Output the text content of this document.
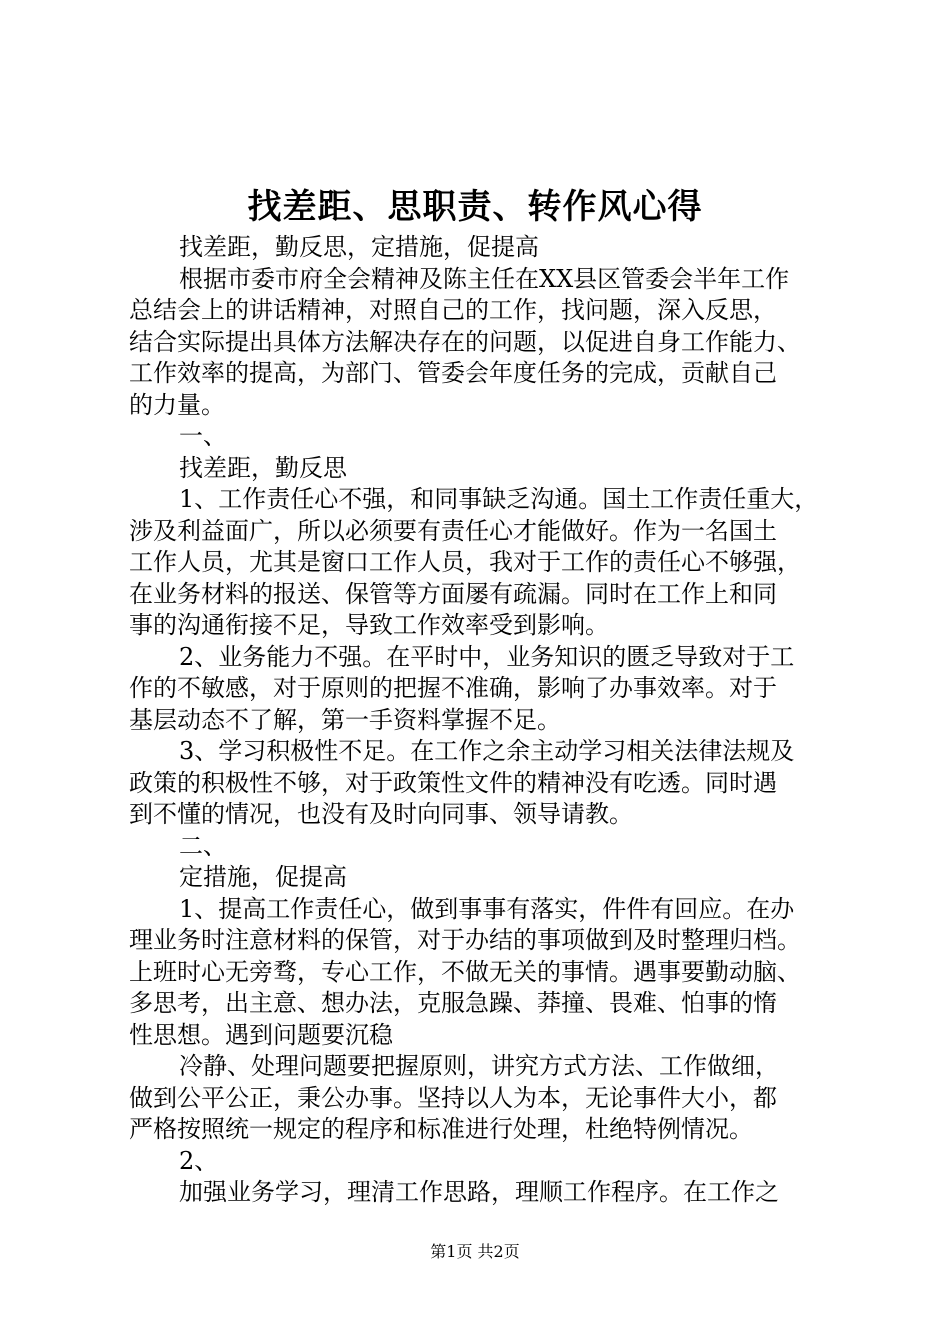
找差距、思职责、转作风心得
找差距，勤反思，定措施，促提高
根据市委市府全会精神及陈主任在XX县区管委会半年工作
总结会上的讲话精神，对照自己的工作，找问题，深入反思，
结合实际提出具体方法解决存在的问题，以促进自身工作能力、
工作效率的提高，为部门、管委会年度任务的完成，贡献自己
的力量。
一、
找差距，勤反思
1、工作责任心不强，和同事缺乏沟通。国土工作责任重大，
涉及利益面广，所以必须要有责任心才能做好。作为一名国土
工作人员，尤其是窗口工作人员，我对于工作的责任心不够强，
在业务材料的报送、保管等方面屡有疏漏。同时在工作上和同
事的沟通衔接不足，导致工作效率受到影响。
2、业务能力不强。在平时中，业务知识的匮乏导致对于工
作的不敏感，对于原则的把握不准确，影响了办事效率。对于
基层动态不了解，第一手资料掌握不足。
3、学习积极性不足。在工作之余主动学习相关法律法规及
政策的积极性不够，对于政策性文件的精神没有吃透。同时遇
到不懂的情况，也没有及时向同事、领导请教。
二、
定措施，促提高
1、提高工作责任心，做到事事有落实，件件有回应。在办
理业务时注意材料的保管，对于办结的事项做到及时整理归档。
上班时心无旁骛，专心工作，不做无关的事情。遇事要勤动脑、
多思考，出主意、想办法，克服急躁、莽撞、畏难、怕事的惰
性思想。遇到问题要沉稳
冷静、处理问题要把握原则，讲究方式方法、工作做细，
做到公平公正，秉公办事。坚持以人为本，无论事件大小，都
严格按照统一规定的程序和标准进行处理，杜绝特例情况。
2、
加强业务学习，理清工作思路，理顺工作程序。在工作之
第1页 共2页
